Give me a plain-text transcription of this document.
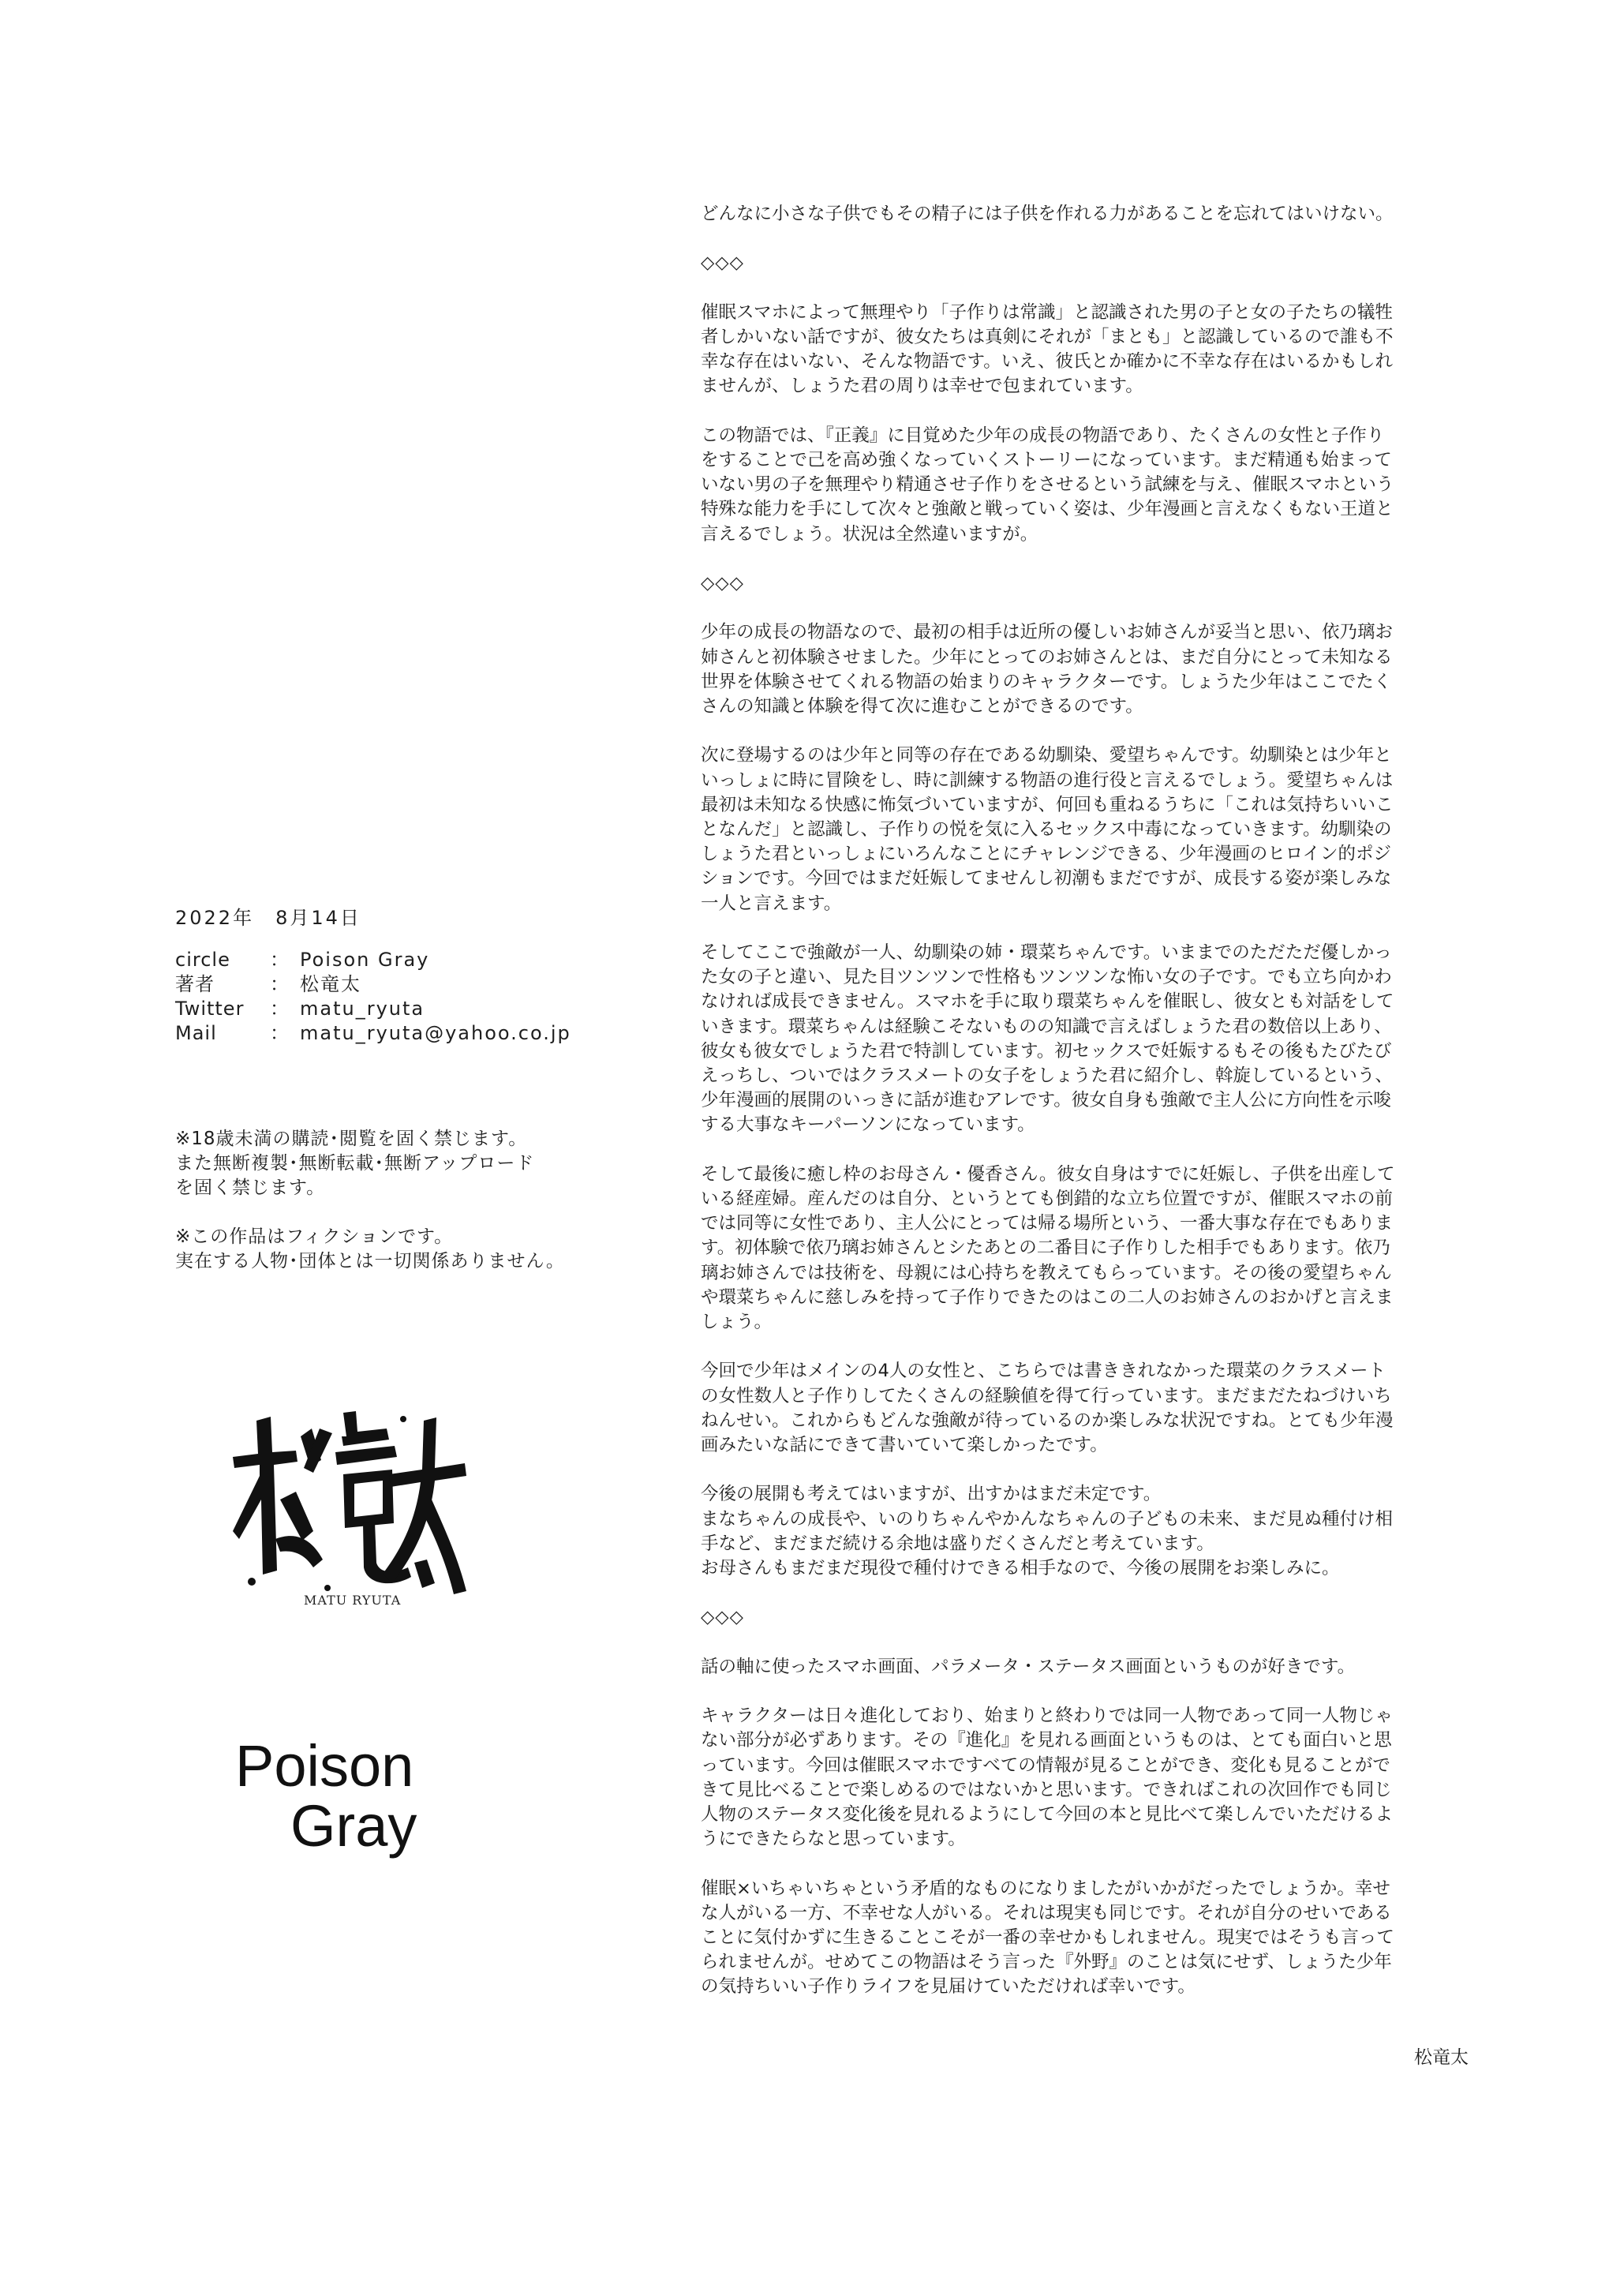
2022年　8月14日
circle	： Poison Gray
著者	： 松竜太
Twitter	： matu_ryuta
Mail	： matu_ryuta@yahoo.co.jp
※18歳未満の購読･閲覧を固く禁じます。
また無断複製･無断転載･無断アップロード
を固く禁じます。
※この作品はフィクションです。
実在する人物･団体とは一切関係ありません。
MATU RYUTA
Poison
Gray
どんなに小さな子供でもその精子には子供を作れる力があることを忘れてはいけない。
◇◇◇
催眠スマホによって無理やり「子作りは常識」と認識された男の子と女の子たちの犠牲
者しかいない話ですが、彼女たちは真剣にそれが「まとも」と認識しているので誰も不
幸な存在はいない、そんな物語です。いえ、彼氏とか確かに不幸な存在はいるかもしれ
ませんが、しょうた君の周りは幸せで包まれています。
この物語では、『正義』に目覚めた少年の成長の物語であり、たくさんの女性と子作り
をすることで己を高め強くなっていくストーリーになっています。まだ精通も始まって
いない男の子を無理やり精通させ子作りをさせるという試練を与え、催眠スマホという
特殊な能力を手にして次々と強敵と戦っていく姿は、少年漫画と言えなくもない王道と
言えるでしょう。状況は全然違いますが。
◇◇◇
少年の成長の物語なので、最初の相手は近所の優しいお姉さんが妥当と思い、依乃璃お
姉さんと初体験させました。少年にとってのお姉さんとは、まだ自分にとって未知なる
世界を体験させてくれる物語の始まりのキャラクターです。しょうた少年はここでたく
さんの知識と体験を得て次に進むことができるのです。
次に登場するのは少年と同等の存在である幼馴染、愛望ちゃんです。幼馴染とは少年と
いっしょに時に冒険をし、時に訓練する物語の進行役と言えるでしょう。愛望ちゃんは
最初は未知なる快感に怖気づいていますが、何回も重ねるうちに「これは気持ちいいこ
となんだ」と認識し、子作りの悦を気に入るセックス中毒になっていきます。幼馴染の
しょうた君といっしょにいろんなことにチャレンジできる、少年漫画のヒロイン的ポジ
ションです。今回ではまだ妊娠してませんし初潮もまだですが、成長する姿が楽しみな
一人と言えます。
そしてここで強敵が一人、幼馴染の姉・環菜ちゃんです。いままでのただただ優しかっ
た女の子と違い、見た目ツンツンで性格もツンツンな怖い女の子です。でも立ち向かわ
なければ成長できません。スマホを手に取り環菜ちゃんを催眠し、彼女とも対話をして
いきます。環菜ちゃんは経験こそないものの知識で言えばしょうた君の数倍以上あり、
彼女も彼女でしょうた君で特訓しています。初セックスで妊娠するもその後もたびたび
えっちし、ついではクラスメートの女子をしょうた君に紹介し、斡旋しているという、
少年漫画的展開のいっきに話が進むアレです。彼女自身も強敵で主人公に方向性を示唆
する大事なキーパーソンになっています。
そして最後に癒し枠のお母さん・優香さん。彼女自身はすでに妊娠し、子供を出産して
いる経産婦。産んだのは自分、というとても倒錯的な立ち位置ですが、催眠スマホの前
では同等に女性であり、主人公にとっては帰る場所という、一番大事な存在でもありま
す。初体験で依乃璃お姉さんとシたあとの二番目に子作りした相手でもあります。依乃
璃お姉さんでは技術を、母親には心持ちを教えてもらっています。その後の愛望ちゃん
や環菜ちゃんに慈しみを持って子作りできたのはこの二人のお姉さんのおかげと言えま
しょう。
今回で少年はメインの4人の女性と、こちらでは書ききれなかった環菜のクラスメート
の女性数人と子作りしてたくさんの経験値を得て行っています。まだまだたねづけいち
ねんせい。これからもどんな強敵が待っているのか楽しみな状況ですね。とても少年漫
画みたいな話にできて書いていて楽しかったです。
今後の展開も考えてはいますが、出すかはまだ未定です。
まなちゃんの成長や、いのりちゃんやかんなちゃんの子どもの未来、まだ見ぬ種付け相
手など、まだまだ続ける余地は盛りだくさんだと考えています。
お母さんもまだまだ現役で種付けできる相手なので、今後の展開をお楽しみに。
◇◇◇
話の軸に使ったスマホ画面、パラメータ・ステータス画面というものが好きです。
キャラクターは日々進化しており、始まりと終わりでは同一人物であって同一人物じゃ
ない部分が必ずあります。その『進化』を見れる画面というものは、とても面白いと思
っています。今回は催眠スマホですべての情報が見ることができ、変化も見ることがで
きて見比べることで楽しめるのではないかと思います。できればこれの次回作でも同じ
人物のステータス変化後を見れるようにして今回の本と見比べて楽しんでいただけるよ
うにできたらなと思っています。
催眠×いちゃいちゃという矛盾的なものになりましたがいかがだったでしょうか。幸せ
な人がいる一方、不幸せな人がいる。それは現実も同じです。それが自分のせいである
ことに気付かずに生きることこそが一番の幸せかもしれません。現実ではそうも言って
られませんが。せめてこの物語はそう言った『外野』のことは気にせず、しょうた少年
の気持ちいい子作りライフを見届けていただければ幸いです。
松竜太
